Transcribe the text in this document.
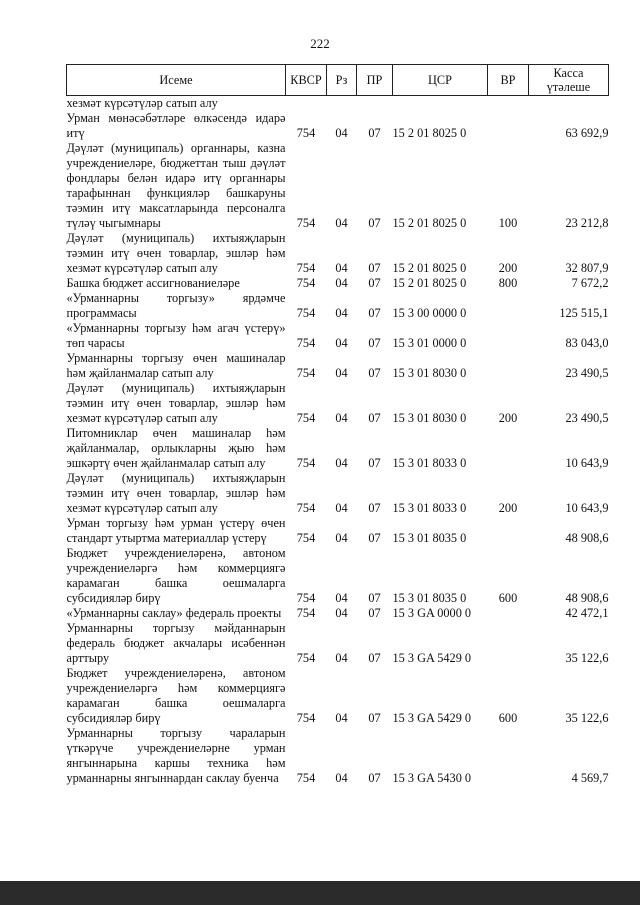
222
Исеме	КВСР	Рз	ПР	ЦСР	ВР	Касса
үтәлеше

хезмәт күрсәтүләр сатып алу						
Урман мөнәсәбәтләре өлкәсендә идарә итү	754	04	07	15 2 01 8025 0		63 692,9
Дәүләт (муниципаль) органнары, казна учреждениеләре, бюджеттан тыш дәүләт фондлары белән идарә итү органнары тарафыннан функцияләр башкаруны тәэмин итү максатларында персоналга түләү чыгымнары	754	04	07	15 2 01 8025 0	100	23 212,8
Дәүләт (муниципаль) ихтыяҗларын тәэмин итү өчен товарлар, эшләр һәм хезмәт күрсәтүләр сатып алу	754	04	07	15 2 01 8025 0	200	32 807,9
Башка бюджет ассигнованиеләре	754	04	07	15 2 01 8025 0	800	7 672,2
«Урманнарны торгызу» ярдәмче программасы	754	04	07	15 3 00 0000 0		125 515,1
«Урманнарны торгызу һәм агач үстерү» төп чарасы	754	04	07	15 3 01 0000 0		83 043,0
Урманнарны торгызу өчен машиналар һәм җайланмалар сатып алу	754	04	07	15 3 01 8030 0		23 490,5
Дәүләт (муниципаль) ихтыяҗларын тәэмин итү өчен товарлар, эшләр һәм хезмәт күрсәтүләр сатып алу	754	04	07	15 3 01 8030 0	200	23 490,5
Питомниклар өчен машиналар һәм җайланмалар, орлыкларны җыю һәм эшкәртү өчен җайланмалар сатып алу	754	04	07	15 3 01 8033 0		10 643,9
Дәүләт (муниципаль) ихтыяҗларын тәэмин итү өчен товарлар, эшләр һәм хезмәт күрсәтүләр сатып алу	754	04	07	15 3 01 8033 0	200	10 643,9
Урман торгызу һәм урман үстерү өчен стандарт утыртма материаллар үстерү	754	04	07	15 3 01 8035 0		48 908,6
Бюджет учреждениеләренә, автоном учреждениеләргә һәм коммерциягә карамаган башка оешмаларга субсидияләр бирү	754	04	07	15 3 01 8035 0	600	48 908,6
«Урманнарны саклау» федераль проекты	754	04	07	15 3 GA 0000 0		42 472,1
Урманнарны торгызу мәйданнарын федераль бюджет акчалары исәбеннән арттыру	754	04	07	15 3 GA 5429 0		35 122,6
Бюджет учреждениеләренә, автоном учреждениеләргә һәм коммерциягә карамаган башка оешмаларга субсидияләр бирү	754	04	07	15 3 GA 5429 0	600	35 122,6
Урманнарны торгызу чараларын үткәрүче учреждениеләрне урман янгыннарына каршы техника һәм урманнарны янгыннардан саклау буенча	754	04	07	15 3 GA 5430 0		4 569,7
